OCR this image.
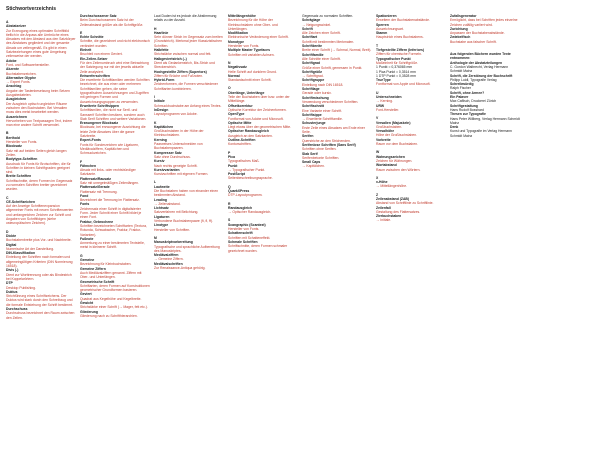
Stichwortverzeichnis
A
Abstatzeizer
Zur Erzeugung eines optimalen Schriftbild tieflich in die Anpass alle Umbrüche eines Absatzes mit den Abstand aus den Satzkörper des Abstatzes gegliedert und der gesamte Absatz um zeilengenäß. Es gibt in einen Satzbeziehungen eines gute Umgebung zeilenweise der werden.
Adobe
Font- und Softwarehersteller.
Akzente
Buchstabenzeichen.
Alternative Glyphe
→ Expert Fonts.
Anschlag
Angabe der Tastenbesetzung beim Setzen Ausgabedateien.
Ausgleichen
Der Ausgleich optisch ungleicher Räume zwischen den Buchstaben. Bei Versalien muss dies meist bearbeitet werden.
Auszeichnen
Hervorheben von Textpassagen Text, indem man eine andere Schrift verwendet.
B
Berthold
Hersteller von Fonts.
Blocksatz
Satz mit auf beiden Seiten gleich langen Zeilen.
Bodytype-Schriften
Ausdruck für Fonts für Brotschriften, die für Schriften in kleinen Schriftgraden geeignet sind.
Breite Schriften
Schriftschnitte, deren Formen im Gegensatz zu normalen Schriften breiter gezeichnet wurden.
C
CE-Schriftzeichen
Auf der Anzeige Schriftenexpansion allgemeiner Fonts mit neuen Schriftenwerten und umfangreichen Zeichen zur Schrift und Angaben von Schriftfolgen (siehe osteuropäischen Zeichen).
D
Dickte
Buchstabenbreite plus Vor- und Nachbreite.
Digital
Numerische Art der Darstellung.
DIN-Klassifikation
Einteilung der Schriften nach formalen und allgemeingültigen Kriterien (DIN Normierung 16518).
Divis (-)
Dient zur Worttrennung oder als Bindestrich bei Koppelwörtern.
DTP
Desktop Publishing.
Duktus
Strichführung eines Schriftzeichens. Der Duktus wird stark durch den Schreibzug und die formale Entstehung der Schrift bestimmt.
Durchschuss
Durchschuss bezeichnet den Raum zwischen den Zeilen.
Durchschossener Satz
Beim Durchschossenen Satz ist der Zeilenabstand größer als die Schriftgröße.
E
Echte Schnitte
Schnitte, die gezeichnet und nicht elektronisch verändert wurden.
Einheit
Bruchteil von einem Geviert.
Ein-Zeilen-Setzer
Für den Zeilenumbruch wird eine Betrachtung der Satzlegung nur mit der jeweils aktuelle Zeile analysiert.
Entwerferschriften
Die erweiterte Schriftfamilien werden Schriften bezeichnet, die aus einer oder mehreren Schriftfamilien gehen, die seine typografischen Auszeichnungen und Zugriffen mit geringen Formen und Auszeichnungsgruppen zu verwenden.
Erweiterte Schriftsippen
Schriftfamilien, die nicht nur Serif- und Sansserif Schriften besitzen, sondern auch Slab Serif Schriften und weitere Variationen.
Erzwungener Blocksatz
Blocksatz, bei erzwungener Ausrichtung die letzte Zeile Absatzes über die ganze Satzbreite.
Expert-Fonts
Fonts für Sonderzeichen wie Ligaturen, Mediävalziffern, Kapitälchen und Schmuckzeichen.
F
Fähnchen
Absatz mit links- oder rechtsbündiger Satzkante.
Flattersatz/Rausatz
Satz mit unregelmäßigen Zeilenlängen.
Flattersatz/Gerade
Flattersatz mit Trennung.
Fond
Bezeichnet die Trennung im Flattersatz.
Fonts
Zeichensatz einer Schrift in digitalisierter Form. Jeder Schnitt einer Schrift bildet je einen Font.
Fraktur, Gebrochene
Schriften bezeichneten Schriftarten (Textura, Rotunda, Schwabacher, Fraktur, Fraktur-Varianten).
Fußnote
Anmerkung zu einer bestimmten Textstelle, meist in kleinerer Schrift.
G
Gemeine
Bezeichnung für Kleinbuchstaben.
Gemeine Ziffern
Auch Mediävalziffern genannt. Ziffern mit Ober- und Unterlängen.
Geometrische Schrift
Schriftarten, deren Formen auf Konstruktionen geometrischer Grundformen basieren.
Geviert
Quadrat aus Kegelhöhe und Kegelbreite.
Gewicht
Strichstärke einer Schrift (→ Mager, fett etc.).
Gliederung
Gliederung nach zu Schrifthierarchien.
Laut Duden ist es jedoch die Abstimmung relativ zu der Anzahl.
H
Haarlinie
Sehr dünner Strich im Gegensatz zum breiten (Grundstrich). Merkmal jeder Klassizistischen Schriften.
Halbfette
Strichstärke zwischen normal und fett.
Halbgeviertstrich (–)
Dient als Gedankenstrich, Bis-Strich und Streckenstrich.
Hochgestellte Ziffern (Superiors)
Ziffern für Brüche und Fußnoten.
Hybrid-Form
Zeichenformen, die Formen verschiedener Schriftarten kombinieren.
I
Initiale
Schmuckbuchstabe am Anfang eines Textes.
InDesign
Layoutprogramm von Adobe.
K
Kapitälchen
Großbuchstaben in der Höhe der Kleinbuchstaben.
Kerning
Paarweises Unterschneiden von Buchstabenpaaren.
Kompresser Satz
Satz ohne Durchschuss.
Kursiv
Nach rechts geneigte Schrift.
Kursivvarianten
Kursivschriften mit eigenen Formen.
L
Laufweite
Die Buchstaben haben von einander einen bestimmten Abstand.
Leading
→ Zeilenabstand.
Lichtsatz
Satzverfahren mit Belichtung.
Ligaturen
Verbundene Buchstabenpaare (fi, fl, ff).
Linotype
Hersteller von Schriften.
M
Manuskriptvorbereitung
Typografische und sprachliche Aufbereitung des Manuskriptes.
Mediävalziffern
→ Gemeine Ziffern.
Mediävalschriften
Zur Renaissance-Antiqua gehörig.
Mittellängenhöhe
Bezeichnung für die Höhe der Kleinbuchstaben ohne Ober- und Unterlängen.
Modifikation
Elektronische Veränderung einer Schrift.
Monotype
Hersteller von Fonts.
Multiple Master Typefaces
Schriften mit variablen Achsen.
N
Negativsatz
Helle Schrift auf dunklem Grund.
Normal
Standardschnitt einer Schrift.
O
Oberlänge, Unterlänge
Teile der Buchstaben über bzw. unter der Mittellänge.
Offsetkorrektur
Optische Korrektur der Zeichenformen.
OpenType
Fontformat von Adobe und Microsoft.
Optische Mitte
Liegt etwas über der geometrischen Mitte.
Optischer Randausgleich
Ausgleich an den Satzkanten.
Outline-Schriften
Konturschriften.
P
Pica
Typografisches Maß.
Punkt
→ Typografischer Punkt.
PostScript
Seitenbeschreibungssprache.
Q
QuarkXPress
DTP-Layoutprogramm.
R
Randausgleich
→ Optischer Randausgleich.
S
Scangraphic (Scantext)
Hersteller von Fonts.
Schattenschrift
Schriften mit Schatteneffekt.
Schmale Schriften
Schriftschnitte, deren Formen schmaler gezeichnet wurden.
Gegensatz zu normalen Schriften.
Schräglage
→ Neigungswinkel.
Schrift
Alle Zeichen einer Schrift.
Schriftart
Schrift mit bestimmten Merkmalen.
Schriftbreite
Breite einer Schrift (→ Schmal, Normal, Breit).
Schriftfamilie
Alle Schnitte einer Schrift.
Schriftgrad
Größe einer Schrift, gemessen in Punkt.
Schriftgröße
→ Schriftgrad.
Schriftgruppe
Einteilung nach DIN 16518.
Schriftlage
Gerade oder kursiv.
Schriftmischung
Verwendung verschiedener Schriften.
Schriftschnitt
Eine Variante einer Schrift.
Schriftsippe
→ Erweiterte Schriftfamilie.
Schusterjunge
Erste Zeile eines Absatzes am Ende einer Seite.
Serifen
Querstriche an den Strichenden.
Serifenlose Schriften (Sans Serif)
Schriften ohne Serifen.
Slab Serif
Serifenbetonte Schriften.
Small Caps
→ Kapitälchen.
Spationieren
Erweitern der Buchstabenabstände.
Sperren
Auszeichnungsart.
Stamm
Hauptstrich eines Buchstabens.
T
Tiefgestellte Ziffern (Inferiors)
Ziffern für chemische Formeln.
Typografischer Punkt
Maßeinheit für Schriftgröße.
1 Punkt = 0,376065 mm
1 Pica Punkt = 0,3514 mm
1 DTP Punkt = 0,3528 mm
TrueType
Fontformat von Apple und Microsoft.
U
Unterschneiden
→ Kerning.
URW
Font-Hersteller.
V
Versalien (Majuskeln)
Großbuchstaben.
Versalhöhe
Höhe der Großbuchstaben.
Vorbreite
Raum vor dem Buchstaben.
W
Wahrungszeichen
Zeichen für Währungen.
Wortabstand
Raum zwischen den Wörtern.
X
x-Höhe
→ Mittellängenhöhe.
Z
Zeilenabstand (ZAB)
Abstand von Schriftlinie zu Schriftlinie.
Zeilenfall
Gestaltung des Flattersatzes.
Zierbuchstaben
→ Initiale.
Zufallsgenerator
Ermöglicht, dass bei Schriften jedes einzelne Zeichen zufällig variiert wird.
Zurichtung
Anpassen der Buchstabenabstände.
Zwiebelfisch
Buchstabe aus falscher Schrift.
Aus folgenden Büchern wurden Texte entnommen:
Anthologie der Abstatzteilungen
C. Gordon Walbrecht, Verlag Hermann Schmidt Mainz
Schrift, die Zerstörung der Buchschrift
Philipp Luidl, Typografie Verlag
Schreibwürdig
Ralph Fischer
Schrift, ohne Armee?
Ein Palaver
Max Caflisch, Druckerei Zürich
Schriftgestaltung
Hans Rudolf Bosshard
Thesen zur Typografie
Hans Peter Willberg, Verlag Hermann Schmidt Mainz
Denk
Kunst und Typografie im Verlag Hermann Schmidt Mainz
